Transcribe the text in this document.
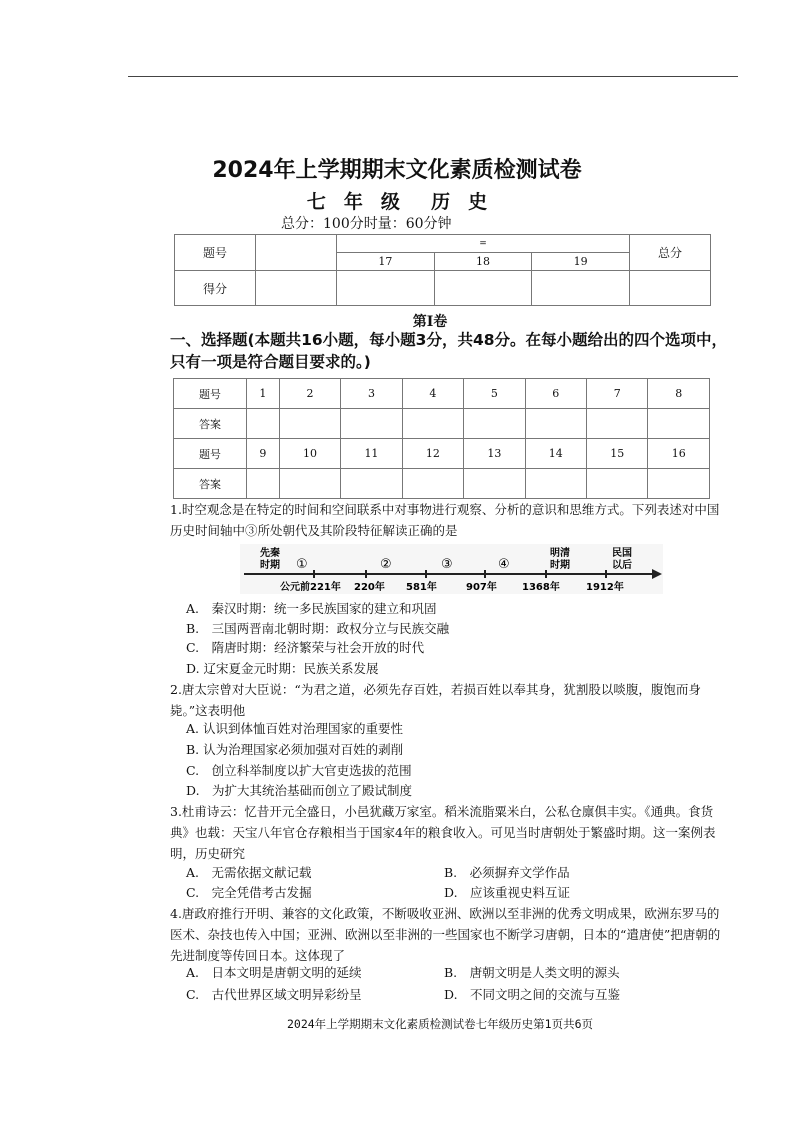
2024年上学期期末文化素质检测试卷
七 年 级 历 史
总分：100分时量：60分钟
题号		=			总分
		17	18	19	
得分					
第Ⅰ卷
一、选择题(本题共16小题，每小题3分，共48分。在每小题给出的四个选项中，只有一项是符合题目要求的。)
题号	1	2	3	4	5	6	7	8
答案								
题号	9	10	11	12	13	14	15	16
答案								
1.时空观念是在特定的时间和空间联系中对事物进行观察、分析的意识和思维方式。下列表述对中国历史时间轴中③所处朝代及其阶段特征解读正确的是
先秦
时期 ①	②	③	④
明清
时期
民国
以后
公元前221年 220年 581年	907年	1368年	1912年
A.　秦汉时期：统一多民族国家的建立和巩固
B.　三国两晋南北朝时期：政权分立与民族交融
C.　隋唐时期：经济繁荣与社会开放的时代
D. 辽宋夏金元时期：民族关系发展
2.唐太宗曾对大臣说：“为君之道，必须先存百姓，若损百姓以奉其身，犹割股以啖腹，腹饱而身毙。”这表明他
A. 认识到体恤百姓对治理国家的重要性
B. 认为治理国家必须加强对百姓的剥削
C.　创立科举制度以扩大官吏选拔的范围
D.　为扩大其统治基础而创立了殿试制度
3.杜甫诗云：忆昔开元全盛日，小邑犹藏万家室。稻米流脂粟米白，公私仓廪俱丰实。《通典。食货典》也载：天宝八年官仓存粮相当于国家4年的粮食收入。可见当时唐朝处于繁盛时期。这一案例表明，历史研究
A.　无需依据文献记载	B.　必须摒弃文学作品
C.　完全凭借考古发掘	D.　应该重视史料互证
4.唐政府推行开明、兼容的文化政策，不断吸收亚洲、欧洲以至非洲的优秀文明成果，欧洲东罗马的医术、杂技也传入中国；亚洲、欧洲以至非洲的一些国家也不断学习唐朝，日本的“遣唐使”把唐朝的先进制度等传回日本。这体现了
A.　日本文明是唐朝文明的延续	B.　唐朝文明是人类文明的源头
C.　古代世界区域文明异彩纷呈	D.　不同文明之间的交流与互鉴
2024年上学期期末文化素质检测试卷七年级历史第1页共6页
